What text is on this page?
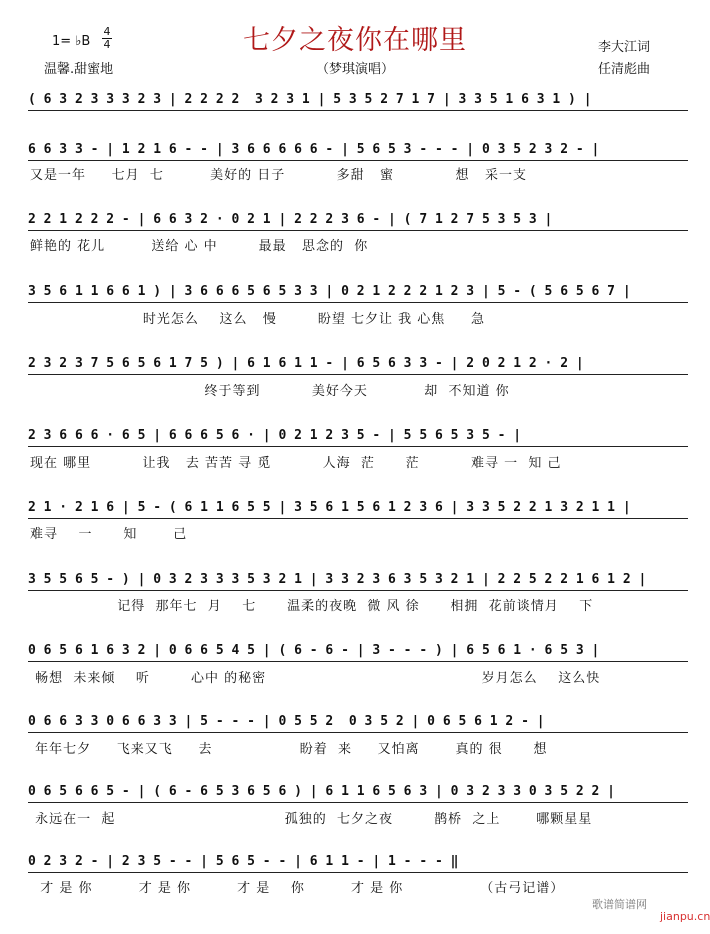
七夕之夜你在哪里
1= ♭B
4
4
温馨.甜蜜地	（梦琪演唱）
李大江词
任清彪曲
( 6 3 2 3 3 3 2 3 | 2 2 2 2  3 2 3 1 | 5 3 5 2 7 1 7 | 3 3 5 1 6 3 1 ) |
6 6 3 3 - | 1 2 1 6 - - | 3 6 6 6 6 6 - | 5 6 5 3 - - - | 0 3 5 2 3 2 - |
又是一年     七月  七         美好的 日子          多甜   蜜            想   采一支
2 2 1 2 2 2 - | 6 6 3 2 · 0 2 1 | 2 2 2 3 6 - | ( 7 1 2 7 5 3 5 3 |
鲜艳的 花儿         送给 心 中        最最   思念的  你
3 5 6 1 1 6 6 1 ) | 3 6 6 6 5 6 5 3 3 | 0 2 1 2 2 2 1 2 3 | 5 - ( 5 6 5 6 7 |
时光怎么    这么   慢        盼望 七夕让 我 心焦     急
2 3 2 3 7 5 6 5 6 1 7 5 ) | 6 1 6 1 1 - | 6 5 6 3 3 - | 2 0 2 1 2 · 2 |
终于等到          美好今天           却  不知道 你
2 3 6 6 6 · 6 5 | 6 6 6 5 6 · | 0 2 1 2 3 5 - | 5 5 6 5 3 5 - |
现在 哪里          让我   去 苦苦 寻 觅          人海  茫      茫          难寻 一  知 己
2 1 · 2 1 6 | 5 - ( 6 1 1 6 5 5 | 3 5 6 1 5 6 1 2 3 6 | 3 3 5 2 2 1 3 2 1 1 |
难寻    一      知       己
3 5 5 6 5 - ) | 0 3 2 3 3 3 5 3 2 1 | 3 3 2 3 6 3 5 3 2 1 | 2 2 5 2 2 1 6 1 2 |
记得  那年七  月    七      温柔的夜晚  微 风 徐      相拥  花前谈情月    下
0 6 5 6 1 6 3 2 | 0 6 6 5 4 5 | ( 6 - 6 - | 3 - - - ) | 6 5 6 1 · 6 5 3 |
畅想  未来倾    听        心中 的秘密                                          岁月怎么    这么快
0 6 6 3 3 0 6 6 3 3 | 5 - - - | 0 5 5 2  0 3 5 2 | 0 6 5 6 1 2 - |
年年七夕     飞来又飞     去                 盼着  来     又怕离       真的 很      想
0 6 5 6 6 5 - | ( 6 - 6 5 3 6 5 6 ) | 6 1 1 6 5 6 3 | 0 3 2 3 3 0 3 5 2 2 |
永远在一  起                                 孤独的  七夕之夜        鹊桥  之上       哪颗星星
0 2 3 2 - | 2 3 5 - - | 5 6 5 - - | 6 1 1 - | 1 - - - ‖
才 是 你         才 是 你         才 是    你         才 是 你               （古弓记谱）
歌谱简谱网
jianpu.cn
